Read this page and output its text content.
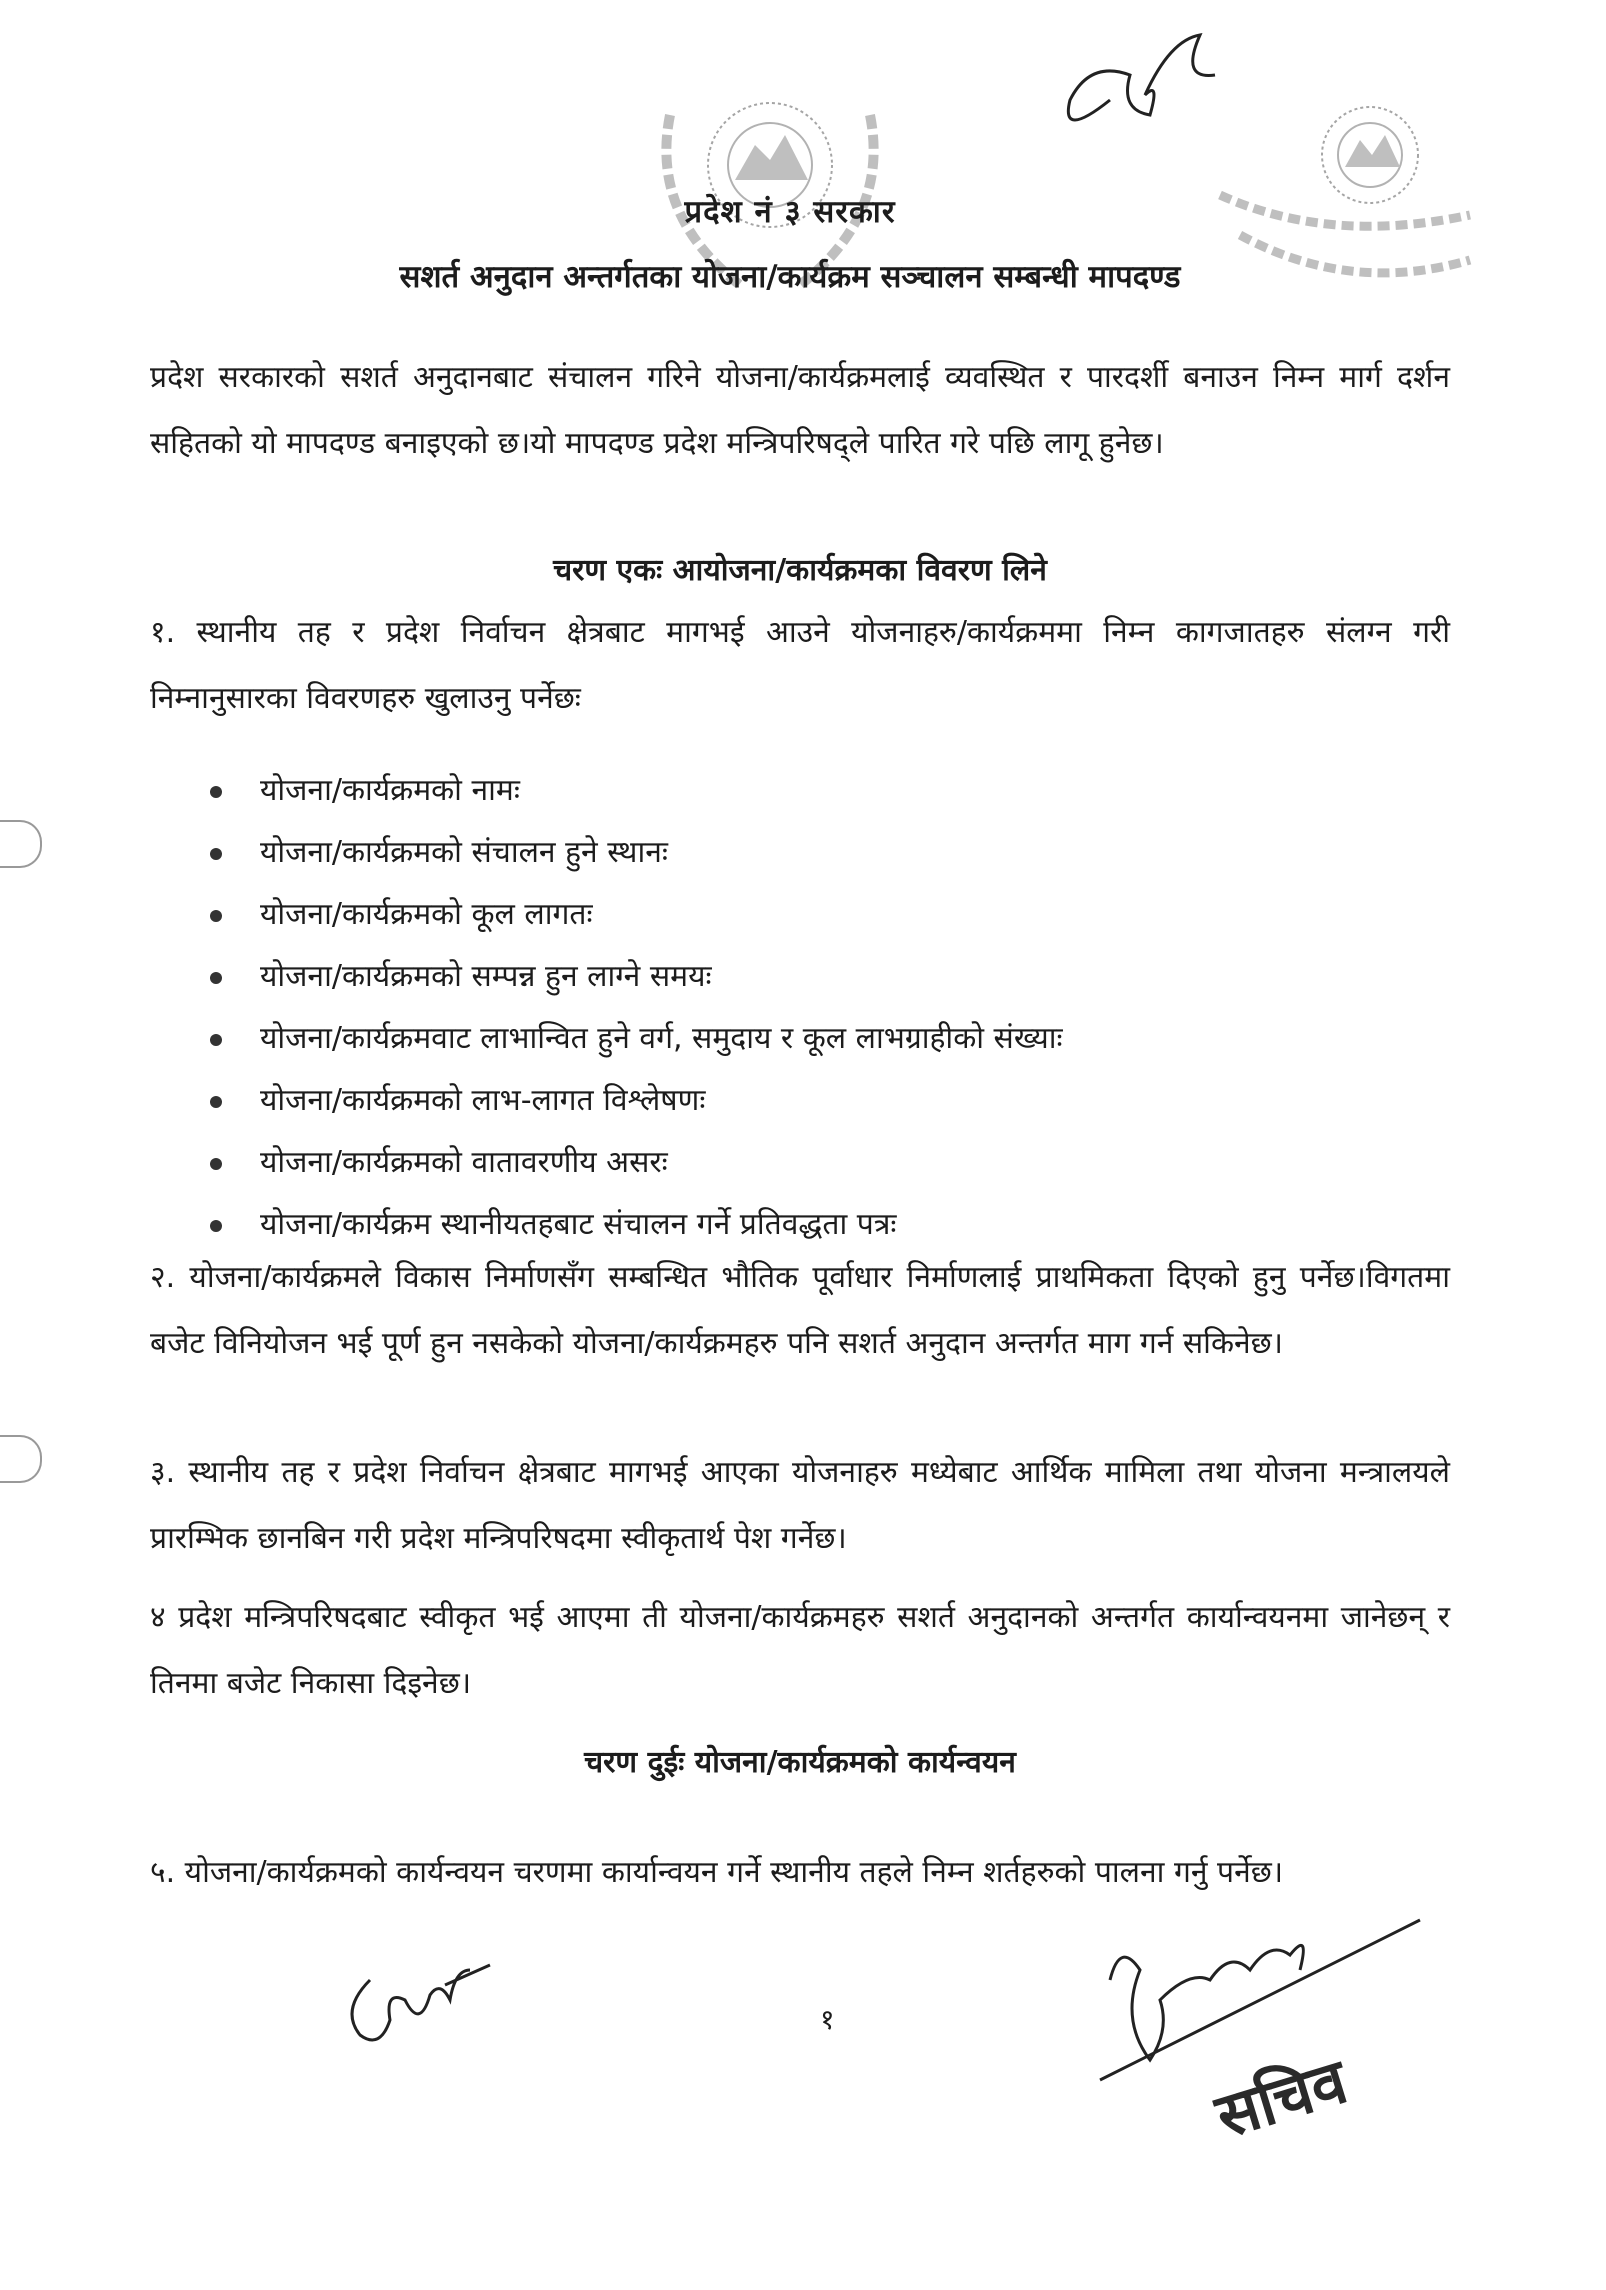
प्रदेश नं ३ सरकार
सशर्त अनुदान अन्तर्गतका योजना/कार्यक्रम सञ्चालन सम्बन्धी मापदण्ड
प्रदेश सरकारको सशर्त अनुदानबाट संचालन गरिने योजना/कार्यक्रमलाई व्यवस्थित र पारदर्शी बनाउन निम्न मार्ग दर्शन सहितको यो मापदण्ड बनाइएको छ।यो मापदण्ड प्रदेश मन्त्रिपरिषद्ले पारित गरे पछि लागू हुनेछ।
चरण एकः आयोजना/कार्यक्रमका विवरण लिने
१. स्थानीय तह र प्रदेश निर्वाचन क्षेत्रबाट मागभई आउने योजनाहरु/कार्यक्रममा निम्न कागजातहरु संलग्न गरी निम्नानुसारका विवरणहरु खुलाउनु पर्नेछः
योजना/कार्यक्रमको नामः
योजना/कार्यक्रमको संचालन हुने स्थानः
योजना/कार्यक्रमको कूल लागतः
योजना/कार्यक्रमको सम्पन्न हुन लाग्ने समयः
योजना/कार्यक्रमवाट लाभान्वित हुने वर्ग, समुदाय र कूल लाभग्राहीको संख्याः
योजना/कार्यक्रमको लाभ-लागत विश्लेषणः
योजना/कार्यक्रमको वातावरणीय असरः
योजना/कार्यक्रम स्थानीयतहबाट संचालन गर्ने प्रतिवद्धता पत्रः
२. योजना/कार्यक्रमले विकास निर्माणसँग सम्बन्धित भौतिक पूर्वाधार निर्माणलाई प्राथमिकता दिएको हुनु पर्नेछ।विगतमा बजेट विनियोजन भई पूर्ण हुन नसकेको योजना/कार्यक्रमहरु पनि सशर्त अनुदान अन्तर्गत माग गर्न सकिनेछ।
३. स्थानीय तह र प्रदेश निर्वाचन क्षेत्रबाट मागभई आएका योजनाहरु मध्येबाट आर्थिक मामिला तथा योजना मन्त्रालयले प्रारम्भिक छानबिन गरी प्रदेश मन्त्रिपरिषदमा स्वीकृतार्थ पेश गर्नेछ।
४ प्रदेश मन्त्रिपरिषदबाट स्वीकृत भई आएमा ती योजना/कार्यक्रमहरु सशर्त अनुदानको अन्तर्गत कार्यान्वयनमा जानेछन् र तिनमा बजेट निकासा दिइनेछ।
चरण दुईः योजना/कार्यक्रमको कार्यन्वयन
५. योजना/कार्यक्रमको कार्यन्वयन चरणमा कार्यान्वयन गर्ने स्थानीय तहले निम्न शर्तहरुको पालना गर्नु पर्नेछ।
१
सचिव
